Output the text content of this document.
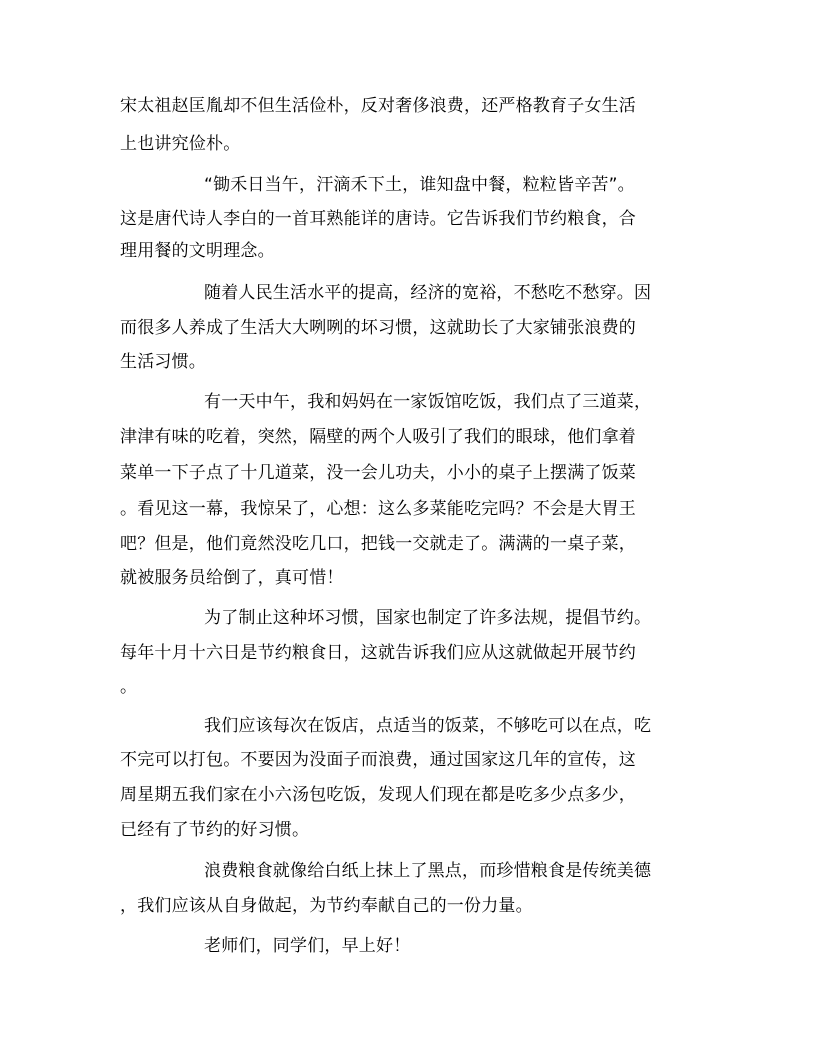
宋太祖赵匡胤却不但生活俭朴，反对奢侈浪费，还严格教育子女生活
上也讲究俭朴。
“锄禾日当午，汗滴禾下土，谁知盘中餐，粒粒皆辛苦”。
这是唐代诗人李白的一首耳熟能详的唐诗。它告诉我们节约粮食，合
理用餐的文明理念。
随着人民生活水平的提高，经济的宽裕，不愁吃不愁穿。因
而很多人养成了生活大大咧咧的坏习惯，这就助长了大家铺张浪费的
生活习惯。
有一天中午，我和妈妈在一家饭馆吃饭，我们点了三道菜，
津津有味的吃着，突然，隔壁的两个人吸引了我们的眼球，他们拿着
菜单一下子点了十几道菜，没一会儿功夫，小小的桌子上摆满了饭菜
。看见这一幕，我惊呆了，心想：这么多菜能吃完吗？不会是大胃王
吧？但是，他们竟然没吃几口，把钱一交就走了。满满的一桌子菜，
就被服务员给倒了，真可惜！
为了制止这种坏习惯，国家也制定了许多法规，提倡节约。
每年十月十六日是节约粮食日，这就告诉我们应从这就做起开展节约
。
我们应该每次在饭店，点适当的饭菜，不够吃可以在点，吃
不完可以打包。不要因为没面子而浪费，通过国家这几年的宣传，这
周星期五我们家在小六汤包吃饭，发现人们现在都是吃多少点多少，
已经有了节约的好习惯。
浪费粮食就像给白纸上抹上了黑点，而珍惜粮食是传统美德
，我们应该从自身做起，为节约奉献自己的一份力量。
老师们，同学们，早上好！
